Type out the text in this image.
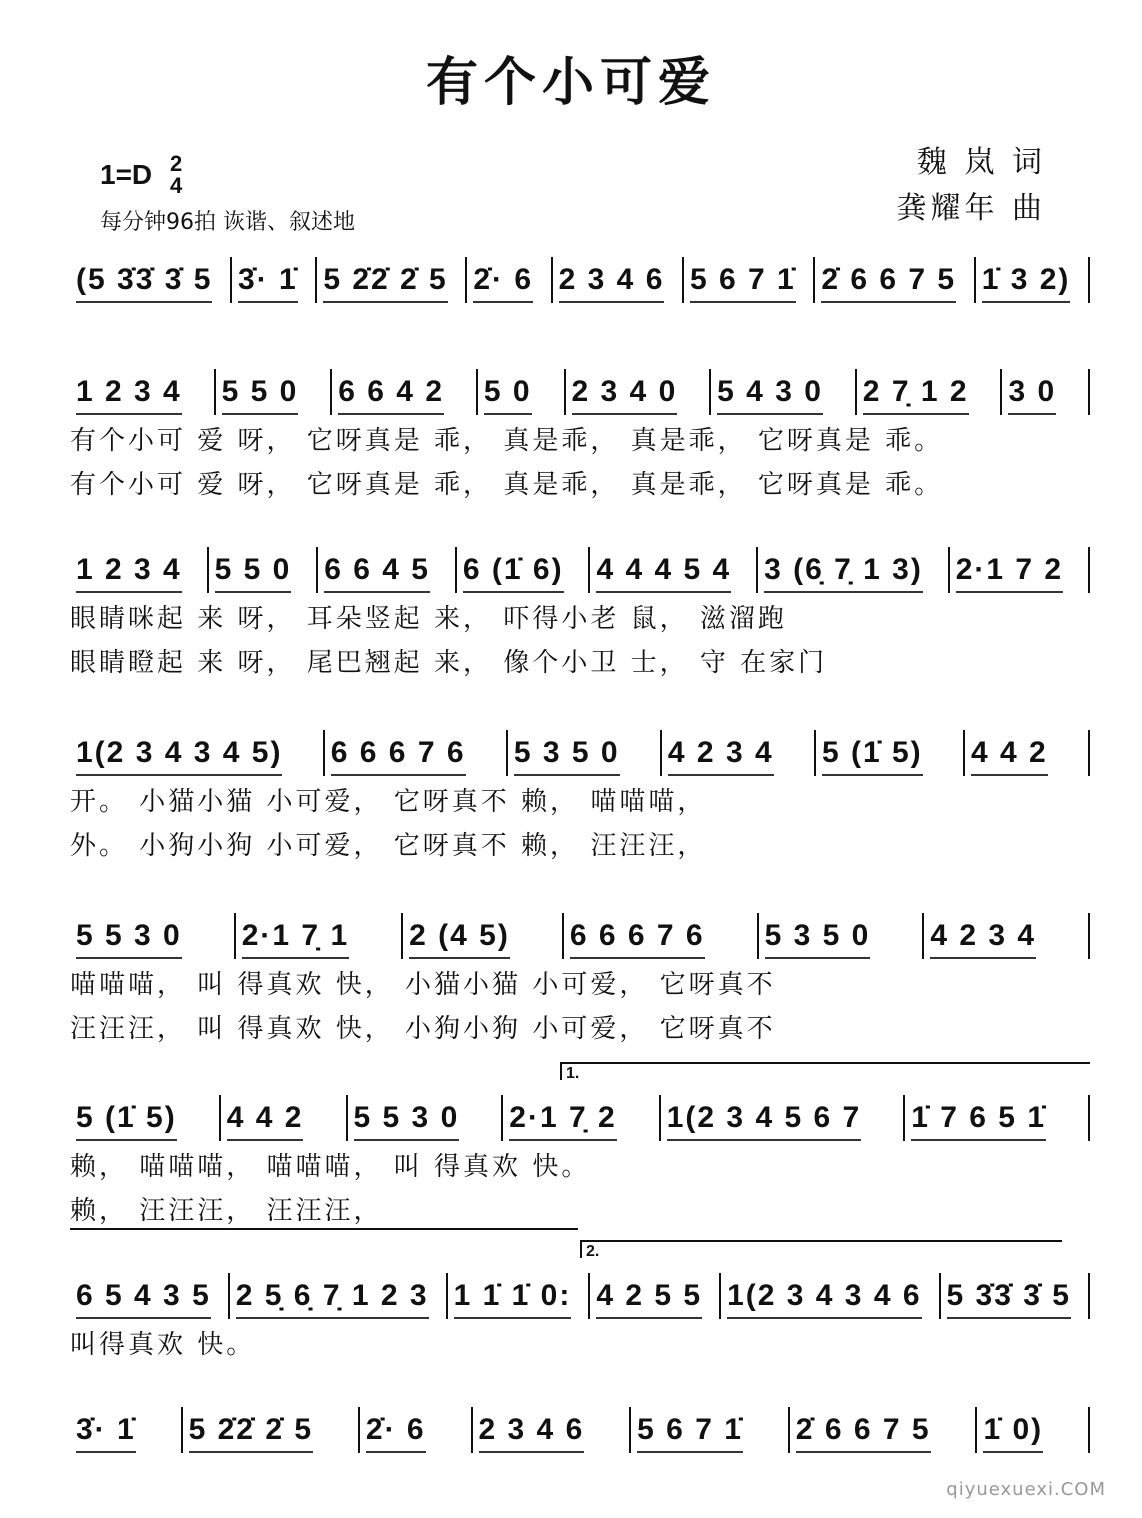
有个小可爱
1=D 2
4
每分钟96拍 诙谐、叙述地
魏 岚 词
龚耀年 曲
(5 3̇3̇ 3̇ 5 3̇· 1̇ 5 2̇2̇ 2̇ 5 2̇· 6 2 3 4 6 5 6 7 1̇ 2̇ 6 6 7 5 1̇ 3 2)
1 2 3 4 5 5 0 6 6 4 2 5 0 2 3 4 0 5 4 3 0 2 7̣ 1 2 3 0
有个小可 爱 呀， 它呀真是 乖， 真是乖， 真是乖， 它呀真是 乖。
有个小可 爱 呀， 它呀真是 乖， 真是乖， 真是乖， 它呀真是 乖。
1 2 3 4 5 5 0 6 6 4 5 6 (1̇ 6) 4 4 4 5 4 3 (6̣ 7̣ 1 3) 2·1 7 2
眼睛咪起 来 呀， 耳朵竖起 来， 吓得小老 鼠， 滋溜跑
眼睛瞪起 来 呀， 尾巴翘起 来， 像个小卫 士， 守 在家门
1(2 3 4 3 4 5) 6 6 6 7 6 5 3 5 0 4 2 3 4 5 (1̇ 5) 4 4 2
开。 小猫小猫 小可爱， 它呀真不 赖， 喵喵喵，
外。 小狗小狗 小可爱， 它呀真不 赖， 汪汪汪，
5 5 3 0 2·1 7̣ 1 2 (4 5) 6 6 6 7 6 5 3 5 0 4 2 3 4
喵喵喵， 叫 得真欢 快， 小猫小猫 小可爱， 它呀真不
汪汪汪， 叫 得真欢 快， 小狗小狗 小可爱， 它呀真不
1.
5 (1̇ 5) 4 4 2 5 5 3 0 2·1 7̣ 2 1(2 3 4 5 6 7 1̇ 7 6 5 1̇
赖， 喵喵喵， 喵喵喵， 叫 得真欢 快。
赖， 汪汪汪， 汪汪汪，
2.
6 5 4 3 5 2 5̣ 6̣ 7̣ 1 2 3 1 1̇ 1̇ 0: 4 2 5 5 1(2 3 4 3 4 6 5 3̇3̇ 3̇ 5
叫得真欢 快。
3̇· 1̇ 5 2̇2̇ 2̇ 5 2̇· 6 2 3 4 6 5 6 7 1̇ 2̇ 6 6 7 5 1̇ 0)
qiyuexuexi.COM
